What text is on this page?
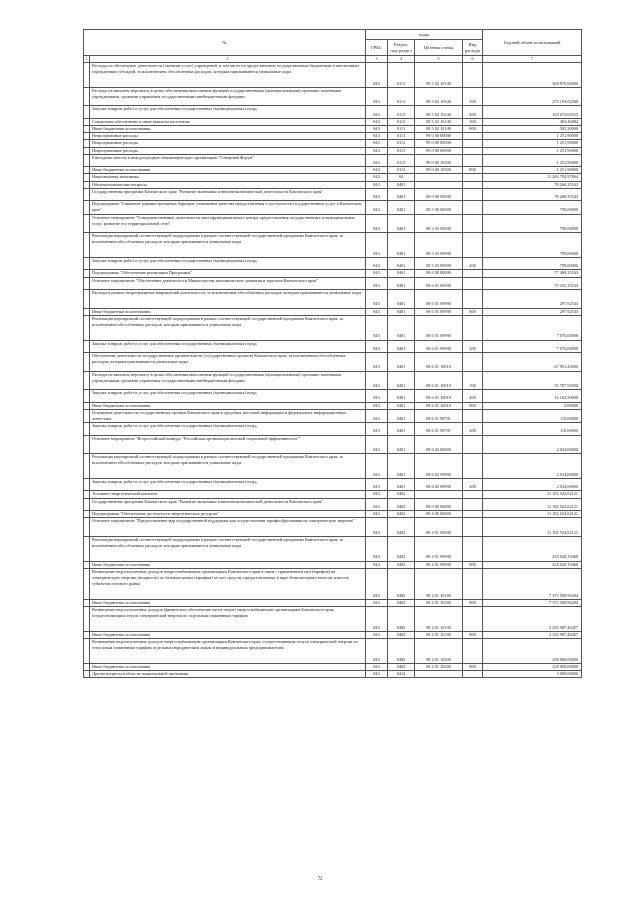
№		коды				Годовой объем ассигнований
		ГРБС	Раздел, под-раздел	Целевая статья	Вид расхода	
1	2	3	4	5	6	7
	Расходы на обеспечение деятельности (оказание услуг) учреждений, в том числе на предоставление государственным бюджетным и автономным учреждениям субсидий, за исключением обособленных расходов, которым присваиваются уникальные коды	843	0113	08 5 02 10140		360 876,84000
	Расходы на выплаты персоналу в целях обеспечения выполнения функций государственными (муниципальными) органами, казенными учреждениями, органами управления государственными внебюджетными фондами	843	0113	08 5 02 10140	100	275 193,02560
	Закупка товаров, работ и услуг для обеспечения государственных (муниципальных) нужд	843	0113	08 5 02 10140	200	104 673,65555
	Социальное обеспечение и иные выплаты населению	843	0113	08 5 02 10140	300	403,46884
	Иные бюджетные ассигнования	843	0113	08 5 02 10140	800	305,20000
	Непрограммные расходы	843	0113	99 0 00 00000		1 251,90000
	Непрограммные расходы	843	0113	99 0 00 00000		1 251,90000
	Непрограммные расходы	843	0113	99 0 00 00000		1 251,90000
	Ежегодные взносы в междугородную некоммерческую организацию "Северный Форум"	843	0113	99 0 00 10300		1 251,90000
	Иные бюджетные ассигнования	843	0113	99 0 00 10300	800	1 251,90000
	Национальная экономика	843	04			11 263 792,97864
	Общеэкономические вопросы	843	0401			78 268,35543
	Государственная программа Камчатского края "Развитие экономики и внешнеэкономической деятельности Камчатского края"	843	0401	08 0 00 00000		78 268,35543
	Подпрограмма "Снижение административных барьеров, повышение качества предоставления и доступности государственных услуг в Камчатском крае"	843	0401	08 5 00 00000		799,00000
	Основное мероприятие "Совершенствование деятельности многофункционального центра предоставления государственных и муниципальных услуг, развитие его территориальной сети"	843	0401	08 5 03 00000		799,00000
	Реализация мероприятий соответствующей подпрограммы в рамках соответствующей государственной программы Камчатского края, за исключением обособленных расходов, которым присваиваются уникальные коды	843	0401	08 5 03 09990		799,00000
	Закупка товаров, работ и услуг для обеспечения государственных (муниципальных) нужд	843	0401	08 5 03 09990	200	799,00000
	Подпрограмма "Обеспечение реализации Программы"	843	0401	08 6 00 00000		77 469,35543
	Основное мероприятие "Обеспечение деятельности Министерства экономического развития и торговли Камчатского края"	843	0401	08 6 01 00000		75 435,35543
	Расходы в рамках непрограммных направлений деятельности, за исключением обособленных расходов, которым присваиваются уникальные коды	843	0401	08 6 01 09990		297,92543
	Иные бюджетные ассигнования	843	0401	08 6 01 09990	800	297,92543
	Реализация мероприятий соответствующей подпрограммы в рамках соответствующей государственной программы Камчатского края, за исключением обособленных расходов, которым присваиваются уникальные коды	843	0401	08 6 01 09990		7 076,00000
	Закупка товаров, работ и услуг для обеспечения государственных (муниципальных) нужд	843	0401	08 6 01 09990	200	7 076,00000
	Обеспечение деятельности государственных органов власти (государственных органов) Камчатского края, за исключением обособленных расходов, которым присваиваются уникальные коды	843	0401	08 6 01 10010		67 951,43000
	Расходы на выплаты персоналу в целях обеспечения выполнения функций государственными (муниципальными) органами, казенными учреждениями, органами управления государственными внебюджетными фондами	843	0401	08 6 01 10010	100	55 787,93000
	Закупка товаров, работ и услуг для обеспечения государственных (муниципальных) нужд	843	0401	08 6 01 10010	200	12 163,50000
	Иные бюджетные ассигнования	843	0401	08 6 01 10010	800	0,00000
	Освещение деятельности государственных органов Камчатского края в средствах массовой информации и федеральных информационных агентствах	843	0401	08 6 01 98701		110,00000
	Закупка товаров, работ и услуг для обеспечения государственных (муниципальных) нужд	843	0401	08 6 01 98701	200	110,00000
	Основное мероприятие "Всероссийский конкурс "Российская организация высокой социальной эффективности""	843	0401	08 6 02 00000		2 034,00000
	Реализация мероприятий соответствующей подпрограммы в рамках соответствующей государственной программы Камчатского края, за исключением обособленных расходов, которым присваиваются уникальные коды	843	0401	08 6 02 09990		2 034,00000
	Закупка товаров, работ и услуг для обеспечения государственных (муниципальных) нужд	843	0401	08 6 02 09990	200	2 034,00000
	Топливно-энергетический комплекс	843	0402			11 182 524,62121
	Государственная программа Камчатского края "Развитие экономики и внешнеэкономической деятельности Камчатского края"	843	0402	08 0 00 00000		11 182 524,62121
	Подпрограмма "Обеспечение доступности энергетических ресурсов"	843	0402	08 4 00 00000		11 182 524,62121
	Основное мероприятие "Предоставление мер государственной поддержки при осуществлении тарифообразования на электрическую энергию"	843	0402	08 4 01 00000		11 182 524,62121
	Реализация мероприятий соответствующей подпрограммы в рамках соответствующей государственной программы Камчатского края, за исключением обособленных расходов, которым присваиваются уникальные коды	843	0402	08 4 01 09990		235 028,19460
	Иные бюджетные ассигнования	843	0402	08 4 01 09990	800	235 028,19460
	Возмещение недополученных доходов энергоснабжающим организациям Камчатского края в связи с применением цен (тарифов) на электрическую энергию (мощность) по базовым ценам (тарифам) за счет средств, предоставляемых в виде безвозмездных взносов, взносов субъектов оптового рынка	843	0402	08 4 01 10180		7 373 508,96204
	Иные бюджетные ассигнования	843	0402	08 4 01 10180	800	7 373 508,96204
	Возмещение недополученных доходов (финансовое обеспечение части затрат) энергоснабжающим организациям Камчатского края, осуществляющим отпуск электрической энергии по отдельным сниженным тарифам	843	0402	08 4 01 10190		3 335 987,46457
	Иные бюджетные ассигнования	843	0402	08 4 01 10190	800	3 335 987,46457
	Возмещение недополученных доходов энергоснабжающим организациям Камчатского края, осуществляющим отпуск электрической энергии по отпускным сниженным тарифам отдельным юридическим лицам и индивидуальным предпринимателям	843	0402	08 4 01 10200		238 000,00000
	Иные бюджетные ассигнования	843	0402	08 4 01 10200	800	238 000,00000
	Другие вопросы в области национальной экономики	843	0412			3 000,00000
72
